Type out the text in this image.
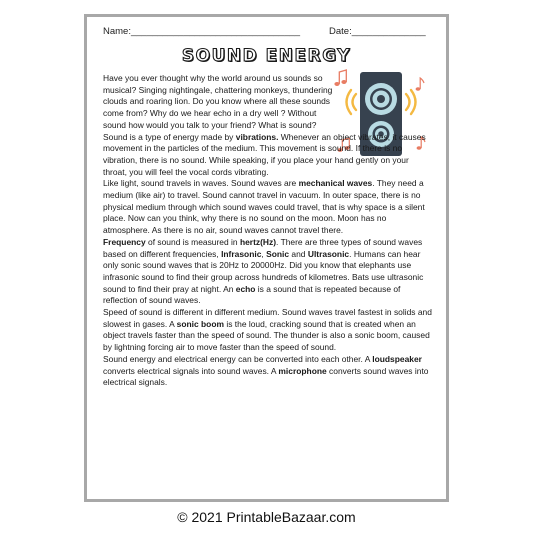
Name:________________________________	Date:______________
SOUND ENERGY

Have you ever thought why the world around us sounds so musical? Singing nightingale, chattering monkeys, thundering clouds and roaring lion. Do you know where all these sounds come from? Why do we hear echo in a dry well ? Without sound how would you talk to your friend? What is sound?

Sound is a type of energy made by vibrations. Whenever an object vibrates, it causes movement in the particles of the medium. This movement is sound. If there is no vibration, there is no sound. While speaking, if you place your hand gently on your throat, you will feel the vocal cords vibrating.

Like light, sound travels in waves. Sound waves are mechanical waves. They need a medium (like air) to travel. Sound cannot travel in vacuum. In outer space, there is no physical medium through which sound waves could travel, that is why space is a silent place. Now can you think, why there is no sound on the moon. Moon has no atmosphere. As there is no air, sound waves cannot travel there.

Frequency of sound is measured in hertz(Hz). There are three types of sound waves based on different frequencies, Infrasonic, Sonic and Ultrasonic. Humans can hear only sonic sound waves that is 20Hz to 20000Hz. Did you know that elephants use infrasonic sound to find their group across hundreds of kilometres. Bats use ultrasonic sound to find their pray at night. An echo is a sound that is repeated because of reflection of sound waves.

Speed of sound is different in different medium. Sound waves travel fastest in solids and slowest in gases. A sonic boom is the loud, cracking sound that is created when an object travels faster than the speed of sound. The thunder is also a sonic boom, caused by lightning forcing air to move faster than the speed of sound.

Sound energy and electrical energy can be converted into each other. A loudspeaker converts electrical signals into sound waves. A microphone converts sound waves into electrical signals.

© 2021 PrintableBazaar.com
